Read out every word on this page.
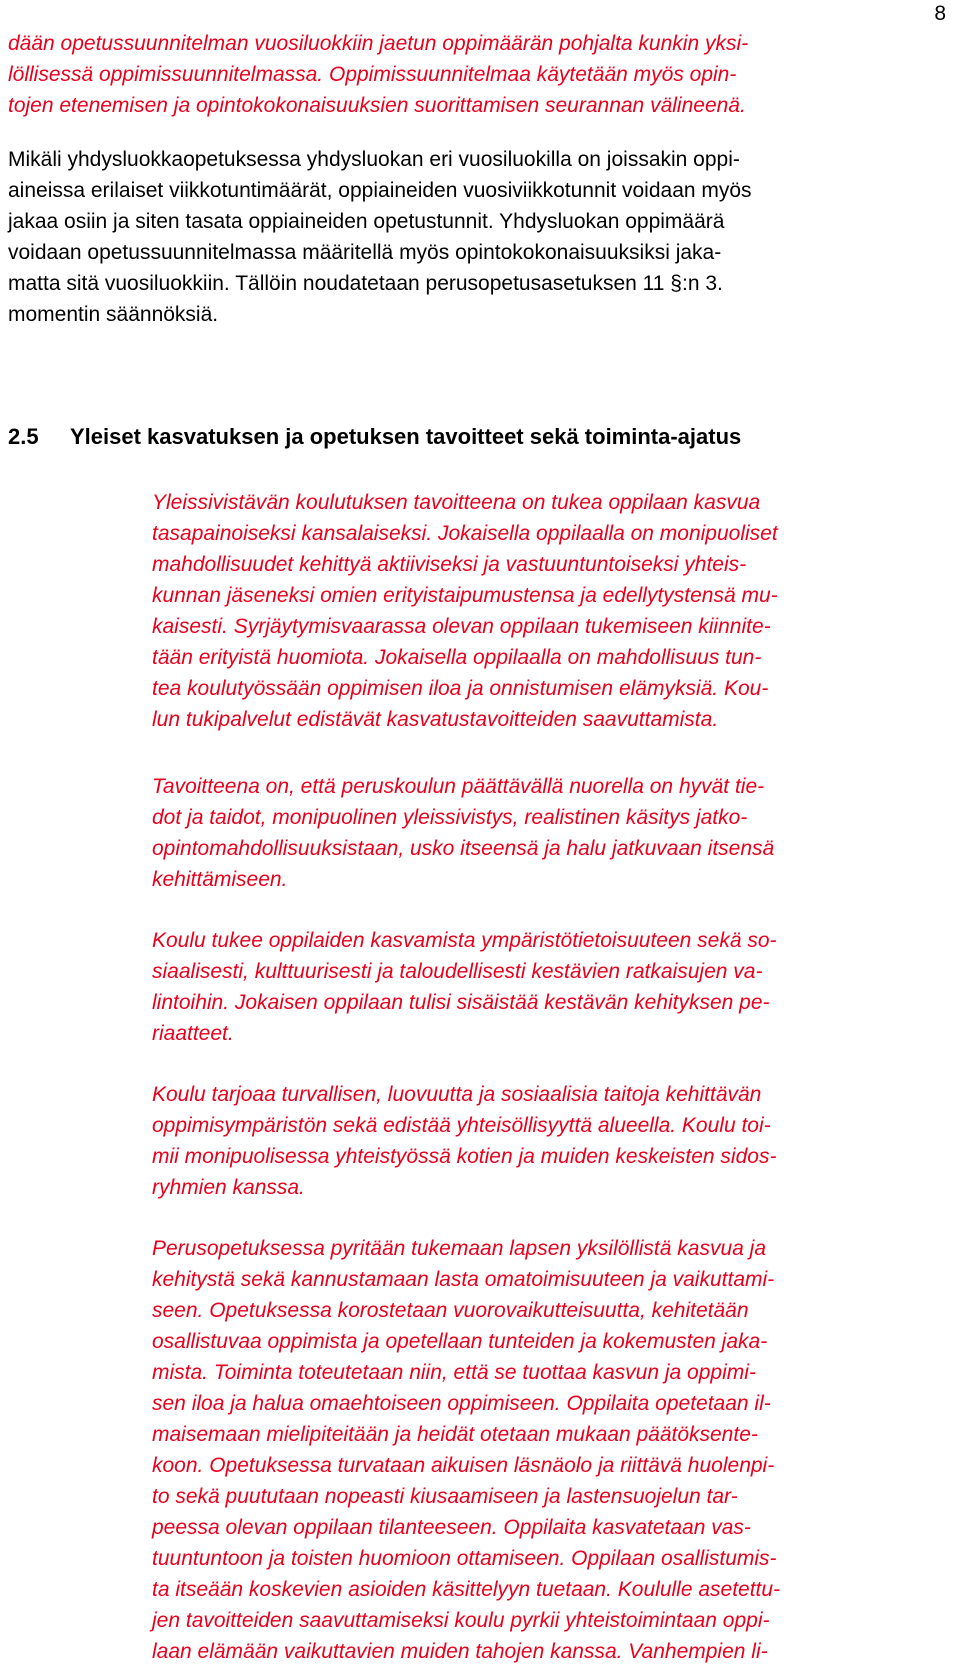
8
dään opetussuunnitelman vuosiluokkiin jaetun oppimäärän pohjalta kunkin yksi-
löllisessä oppimissuunnitelmassa. Oppimissuunnitelmaa käytetään myös opin-
tojen etenemisen ja opintokokonaisuuksien suorittamisen seurannan välineenä.
Mikäli yhdysluokkaopetuksessa yhdysluokan eri vuosiluokilla on joissakin oppi-
aineissa erilaiset viikkotuntimäärät, oppiaineiden vuosiviikkotunnit voidaan myös
jakaa osiin ja siten tasata oppiaineiden opetustunnit. Yhdysluokan oppimäärä
voidaan opetussuunnitelmassa määritellä myös opintokokonaisuuksiksi jaka-
matta sitä vuosiluokkiin. Tällöin noudatetaan perusopetusasetuksen 11 §:n 3.
momentin säännöksiä.
2.5 Yleiset kasvatuksen ja opetuksen tavoitteet sekä toiminta-ajatus
Yleissivistävän koulutuksen tavoitteena on tukea oppilaan kasvua
tasapainoiseksi kansalaiseksi. Jokaisella oppilaalla on monipuoliset
mahdollisuudet kehittyä aktiiviseksi ja vastuuntuntoiseksi yhteis-
kunnan jäseneksi omien erityistaipumustensa ja edellytystensä mu-
kaisesti. Syrjäytymisvaarassa olevan oppilaan tukemiseen kiinnite-
tään erityistä huomiota. Jokaisella oppilaalla on mahdollisuus tun-
tea koulutyössään oppimisen iloa ja onnistumisen elämyksiä. Kou-
lun tukipalvelut edistävät kasvatustavoitteiden saavuttamista.
Tavoitteena on, että peruskoulun päättävällä nuorella on hyvät tie-
dot ja taidot, monipuolinen yleissivistys, realistinen käsitys jatko-
opintomahdollisuuksistaan, usko itseensä ja halu jatkuvaan itsensä
kehittämiseen.
Koulu tukee oppilaiden kasvamista ympäristötietoisuuteen sekä so-
siaalisesti, kulttuurisesti ja taloudellisesti kestävien ratkaisujen va-
lintoihin. Jokaisen oppilaan tulisi sisäistää kestävän kehityksen pe-
riaatteet.
Koulu tarjoaa turvallisen, luovuutta ja sosiaalisia taitoja kehittävän
oppimisympäristön sekä edistää yhteisöllisyyttä alueella. Koulu toi-
mii monipuolisessa yhteistyössä kotien ja muiden keskeisten sidos-
ryhmien kanssa.
Perusopetuksessa pyritään tukemaan lapsen yksilöllistä kasvua ja
kehitystä sekä kannustamaan lasta omatoimisuuteen ja vaikuttami-
seen. Opetuksessa korostetaan vuorovaikutteisuutta, kehitetään
osallistuvaa oppimista ja opetellaan tunteiden ja kokemusten jaka-
mista. Toiminta toteutetaan niin, että se tuottaa kasvun ja oppimi-
sen iloa ja halua omaehtoiseen oppimiseen. Oppilaita opetetaan il-
maisemaan mielipiteitään ja heidät otetaan mukaan päätöksente-
koon. Opetuksessa turvataan aikuisen läsnäolo ja riittävä huolenpi-
to sekä puututaan nopeasti kiusaamiseen ja lastensuojelun tar-
peessa olevan oppilaan tilanteeseen. Oppilaita kasvatetaan vas-
tuuntuntoon ja toisten huomioon ottamiseen. Oppilaan osallistumis-
ta itseään koskevien asioiden käsittelyyn tuetaan. Koululle asetettu-
jen tavoitteiden saavuttamiseksi koulu pyrkii yhteistoimintaan oppi-
laan elämään vaikuttavien muiden tahojen kanssa. Vanhempien li-
